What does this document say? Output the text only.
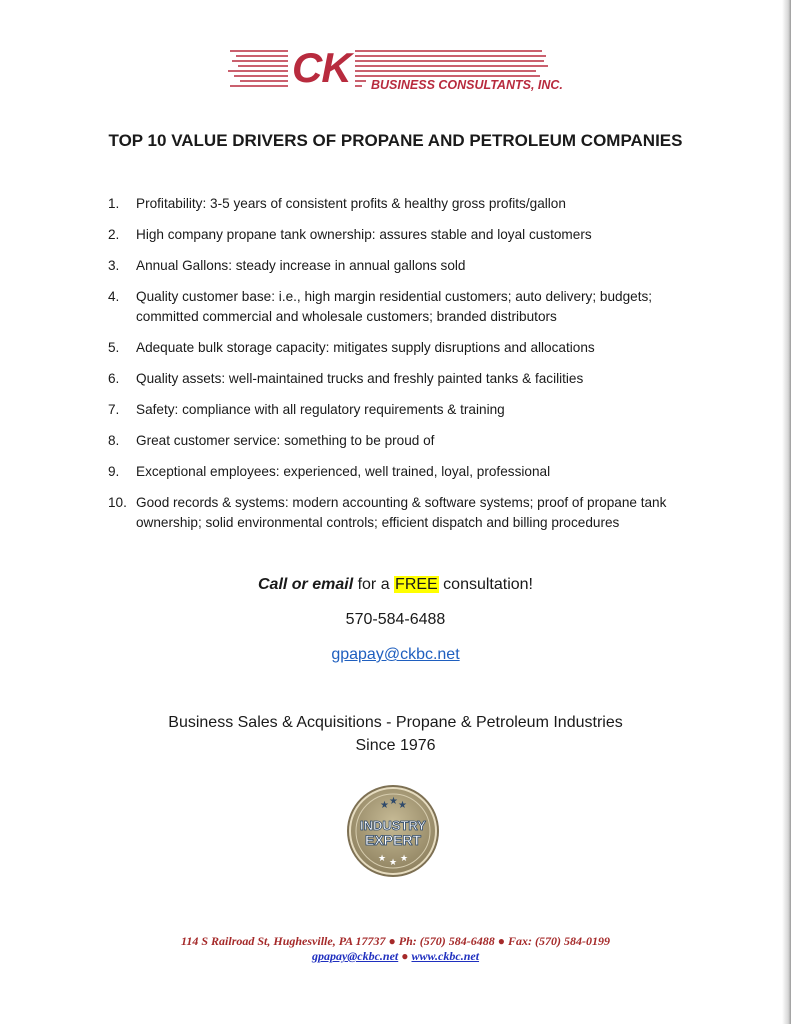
CK	BUSINESS CONSULTANTS, INC.
TOP 10 VALUE DRIVERS OF PROPANE AND PETROLEUM COMPANIES
1.	Profitability: 3-5 years of consistent profits & healthy gross profits/gallon
2.	High company propane tank ownership: assures stable and loyal customers
3.	Annual Gallons: steady increase in annual gallons sold
4.	Quality customer base: i.e., high margin residential customers; auto delivery; budgets; committed commercial and wholesale customers; branded distributors
5.	Adequate bulk storage capacity: mitigates supply disruptions and allocations
6.	Quality assets: well-maintained trucks and freshly painted tanks & facilities
7.	Safety: compliance with all regulatory requirements & training
8.	Great customer service: something to be proud of
9.	Exceptional employees: experienced, well trained, loyal, professional
10. Good records & systems: modern accounting & software systems; proof of propane tank ownership; solid environmental controls; efficient dispatch and billing procedures
Call or email for a FREE consultation!
570-584-6488
gpapay@ckbc.net
Business Sales & Acquisitions - Propane & Petroleum Industries
Since 1976
★ ★ ★
INDUSTRY
EXPERT
★ ★ ★
114 S Railroad St, Hughesville, PA 17737 ● Ph: (570) 584-6488 ● Fax: (570) 584-0199
gpapay@ckbc.net ● www.ckbc.net
